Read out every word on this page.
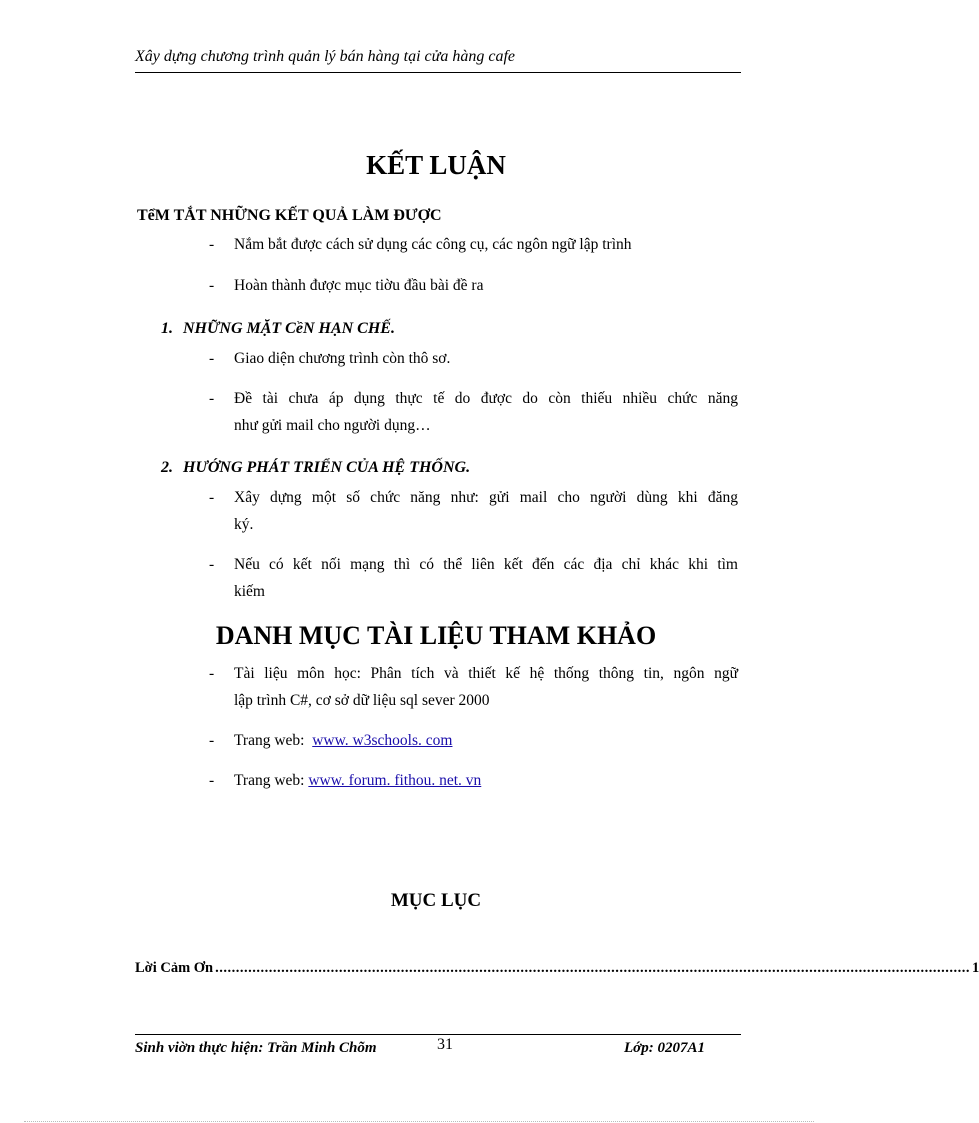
Xây dựng chương trình quản lý bán hàng tại cửa hàng cafe
KẾT LUẬN
TểM TẮT NHỮNG KẾT QUẢ LÀM ĐƯỢC
- Nắm bắt được cách sử dụng các công cụ, các ngôn ngữ lập trình
- Hoàn thành được mục tiờu đầu bài đề ra
1. NHỮNG MẶT CềN HẠN CHẾ.
- Giao diện chương trình còn thô sơ.
- Đề tài chưa áp dụng thực tế do được do còn thiếu nhiều chức năng
như gửi mail cho người dụng…
2. HƯỚNG PHÁT TRIỂN CỦA HỆ THỐNG.
- Xây dựng một số chức năng như: gửi mail cho người dùng khi đăng
ký.
- Nếu có kết nối mạng thì có thể liên kết đến các địa chỉ khác khi tìm
kiếm
DANH MỤC TÀI LIỆU THAM KHẢO
- Tài liệu môn học: Phân tích và thiết kế hệ thống thông tin, ngôn ngữ
lập trình C#, cơ sở dữ liệu sql sever 2000
- Trang web: www. w3schools. com
- Trang web: www. forum. fithou. net. vn
MỤC LỤC
Lời Cảm Ơn ....................................................................................................................................................................................... 1
Sinh viờn thực hiện: Trần Minh Chõm	31	Lớp: 0207A1
